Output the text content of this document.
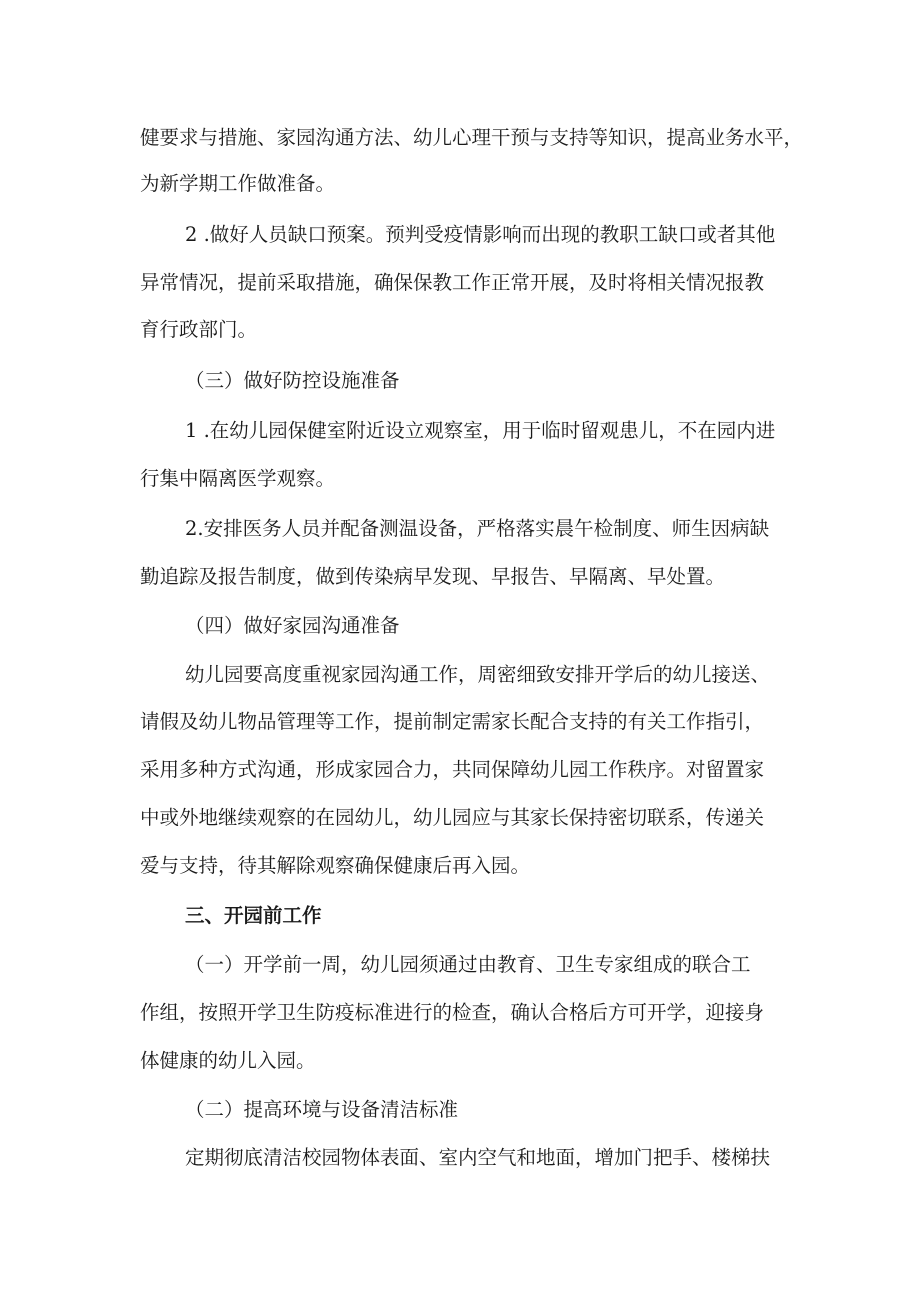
健要求与措施、家园沟通方法、幼儿心理干预与支持等知识，提高业务水平，
为新学期工作做准备。
2 .做好人员缺口预案。预判受疫情影响而出现的教职工缺口或者其他
异常情况，提前采取措施，确保保教工作正常开展，及时将相关情况报教
育行政部门。
（三）做好防控设施准备
1 .在幼儿园保健室附近设立观察室，用于临时留观患儿，不在园内进
行集中隔离医学观察。
2.安排医务人员并配备测温设备，严格落实晨午检制度、师生因病缺
勤追踪及报告制度，做到传染病早发现、早报告、早隔离、早处置。
（四）做好家园沟通准备
幼儿园要高度重视家园沟通工作，周密细致安排开学后的幼儿接送、
请假及幼儿物品管理等工作，提前制定需家长配合支持的有关工作指引，
采用多种方式沟通，形成家园合力，共同保障幼儿园工作秩序。对留置家
中或外地继续观察的在园幼儿，幼儿园应与其家长保持密切联系，传递关
爱与支持，待其解除观察确保健康后再入园。
三、开园前工作
（一）开学前一周，幼儿园须通过由教育、卫生专家组成的联合工
作组，按照开学卫生防疫标准进行的检查，确认合格后方可开学，迎接身
体健康的幼儿入园。
（二）提高环境与设备清洁标准
定期彻底清洁校园物体表面、室内空气和地面，增加门把手、楼梯扶
